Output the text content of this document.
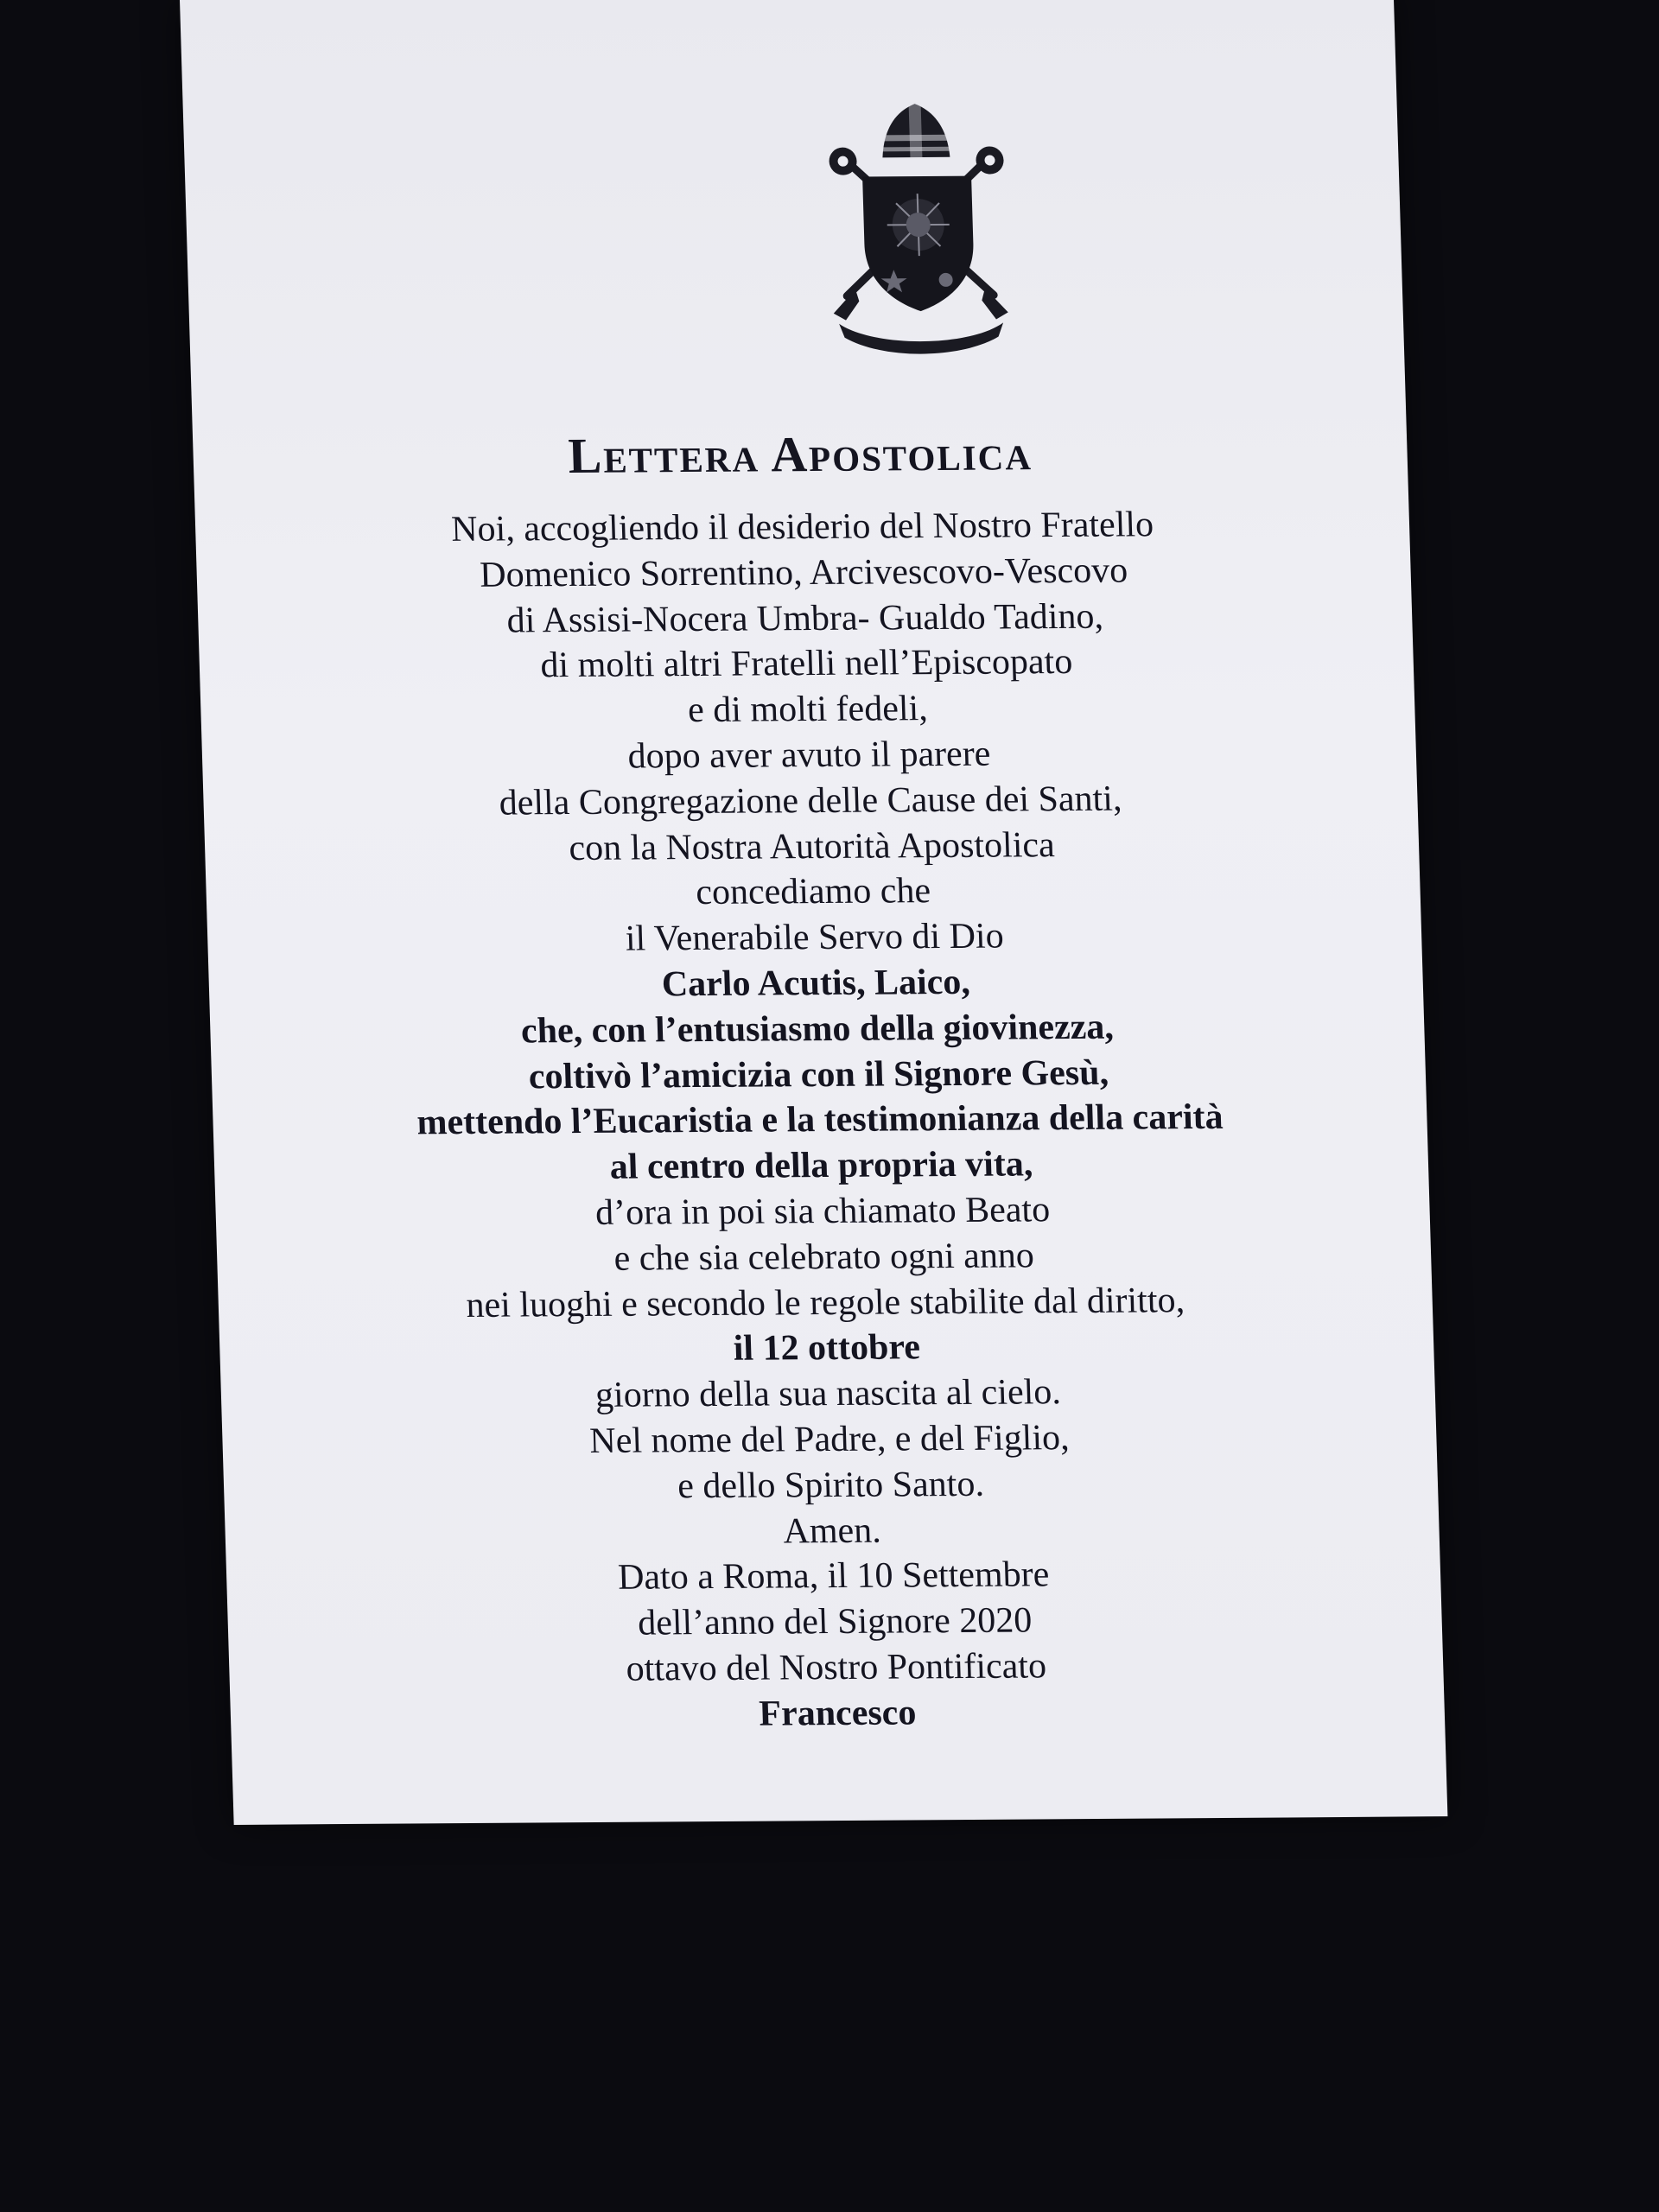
Lettera Apostolica
Noi, accogliendo il desiderio del Nostro Fratello
Domenico Sorrentino, Arcivescovo-Vescovo
di Assisi-Nocera Umbra- Gualdo Tadino,
di molti altri Fratelli nell’Episcopato
e di molti fedeli,
dopo aver avuto il parere
della Congregazione delle Cause dei Santi,
con la Nostra Autorità Apostolica
concediamo che
il Venerabile Servo di Dio
Carlo Acutis, Laico,
che, con l’entusiasmo della giovinezza,
coltivò l’amicizia con il Signore Gesù,
mettendo l’Eucaristia e la testimonianza della carità
al centro della propria vita,
d’ora in poi sia chiamato Beato
e che sia celebrato ogni anno
nei luoghi e secondo le regole stabilite dal diritto,
il 12 ottobre
giorno della sua nascita al cielo.
Nel nome del Padre, e del Figlio,
e dello Spirito Santo.
Amen.
Dato a Roma, il 10 Settembre
dell’anno del Signore 2020
ottavo del Nostro Pontificato
Francesco
